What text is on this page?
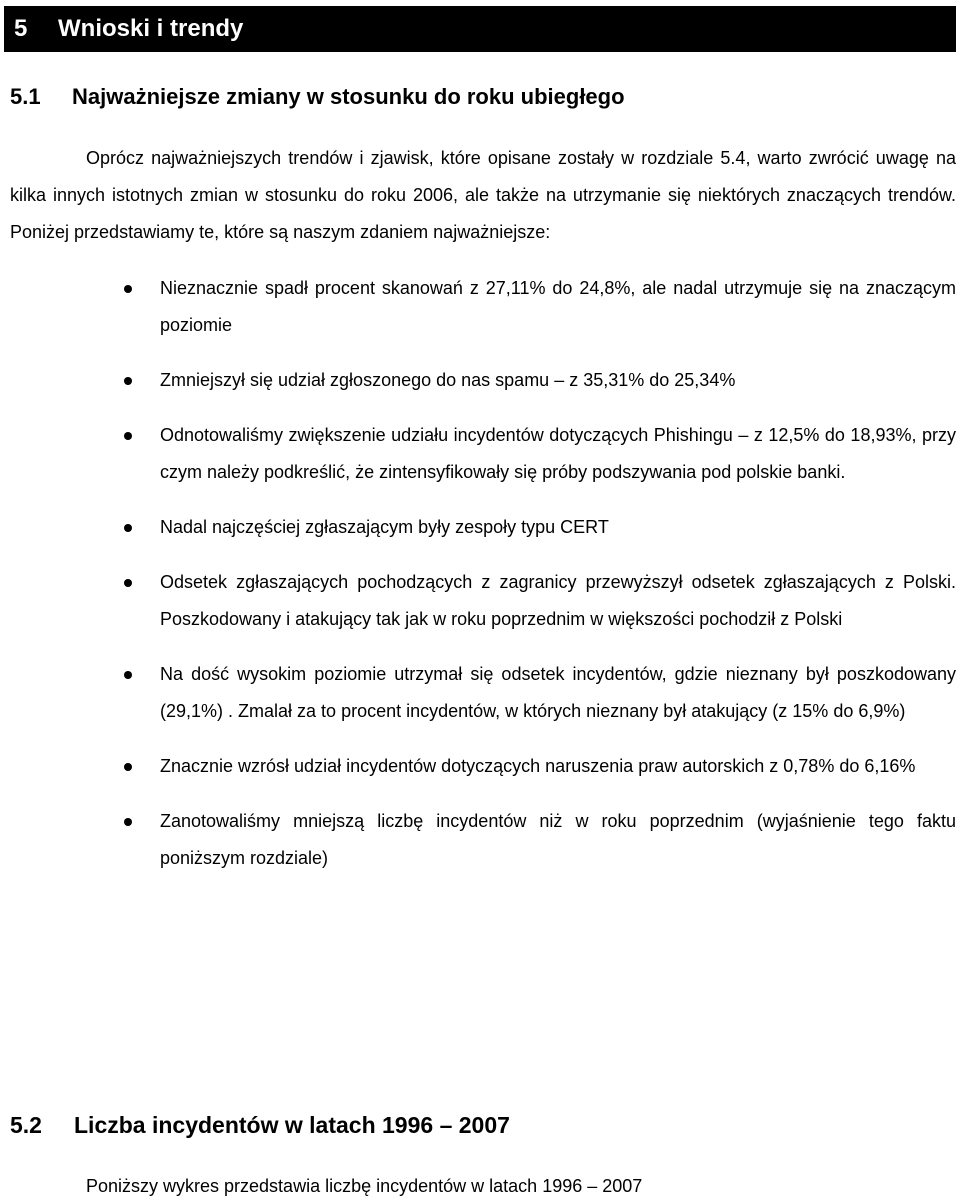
5 Wnioski i trendy
5.1 Najważniejsze zmiany w stosunku do roku ubiegłego

Oprócz najważniejszych trendów i zjawisk, które opisane zostały w rozdziale 5.4, warto zwrócić uwagę na kilka innych istotnych zmian w stosunku do roku 2006, ale także na utrzymanie się niektórych znaczących trendów. Poniżej przedstawiamy te, które są naszym zdaniem najważniejsze:

Nieznacznie spadł procent skanowań z 27,11% do 24,8%, ale nadal utrzymuje się na znaczącym poziomie
Zmniejszył się udział zgłoszonego do nas spamu – z 35,31% do 25,34%
Odnotowaliśmy zwiększenie udziału incydentów dotyczących Phishingu – z 12,5% do 18,93%, przy czym należy podkreślić, że zintensyfikowały się próby podszywania pod polskie banki.
Nadal najczęściej zgłaszającym były zespoły typu CERT
Odsetek zgłaszających pochodzących z zagranicy przewyższył odsetek zgłaszających z Polski. Poszkodowany i atakujący tak jak w roku poprzednim w większości pochodził z Polski
Na dość wysokim poziomie utrzymał się odsetek incydentów, gdzie nieznany był poszkodowany (29,1%) . Zmalał za to procent incydentów, w których nieznany był atakujący (z 15% do 6,9%)
Znacznie wzrósł udział incydentów dotyczących naruszenia praw autorskich z 0,78% do 6,16%
Zanotowaliśmy mniejszą liczbę incydentów niż w roku poprzednim (wyjaśnienie tego faktu poniższym rozdziale)
5.2 Liczba incydentów w latach 1996 – 2007

Poniższy wykres przedstawia liczbę incydentów w latach 1996 – 2007
